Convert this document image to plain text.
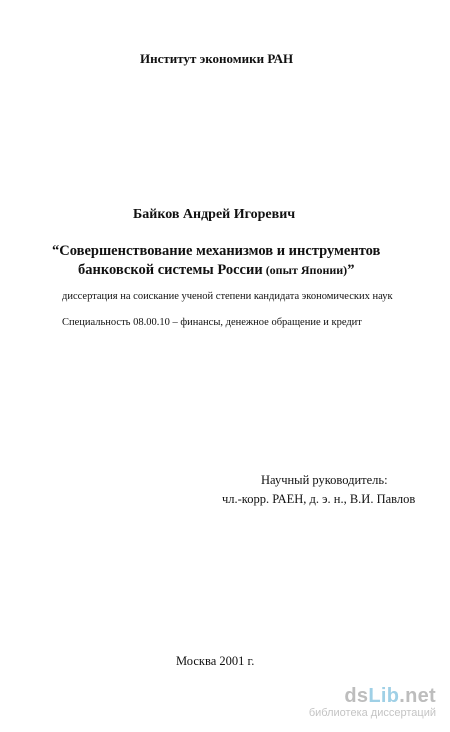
Институт экономики РАН
Байков Андрей Игоревич
“Совершенствование механизмов и инструментов
банковской системы России (опыт Японии)”
диссертация на соискание ученой степени кандидата экономических наук
Специальность 08.00.10 – финансы, денежное обращение и кредит
Научный руководитель:
чл.-корр. РАЕН, д. э. н., В.И. Павлов
Москва 2001 г.
dsLib.net
библиотека диссертаций
